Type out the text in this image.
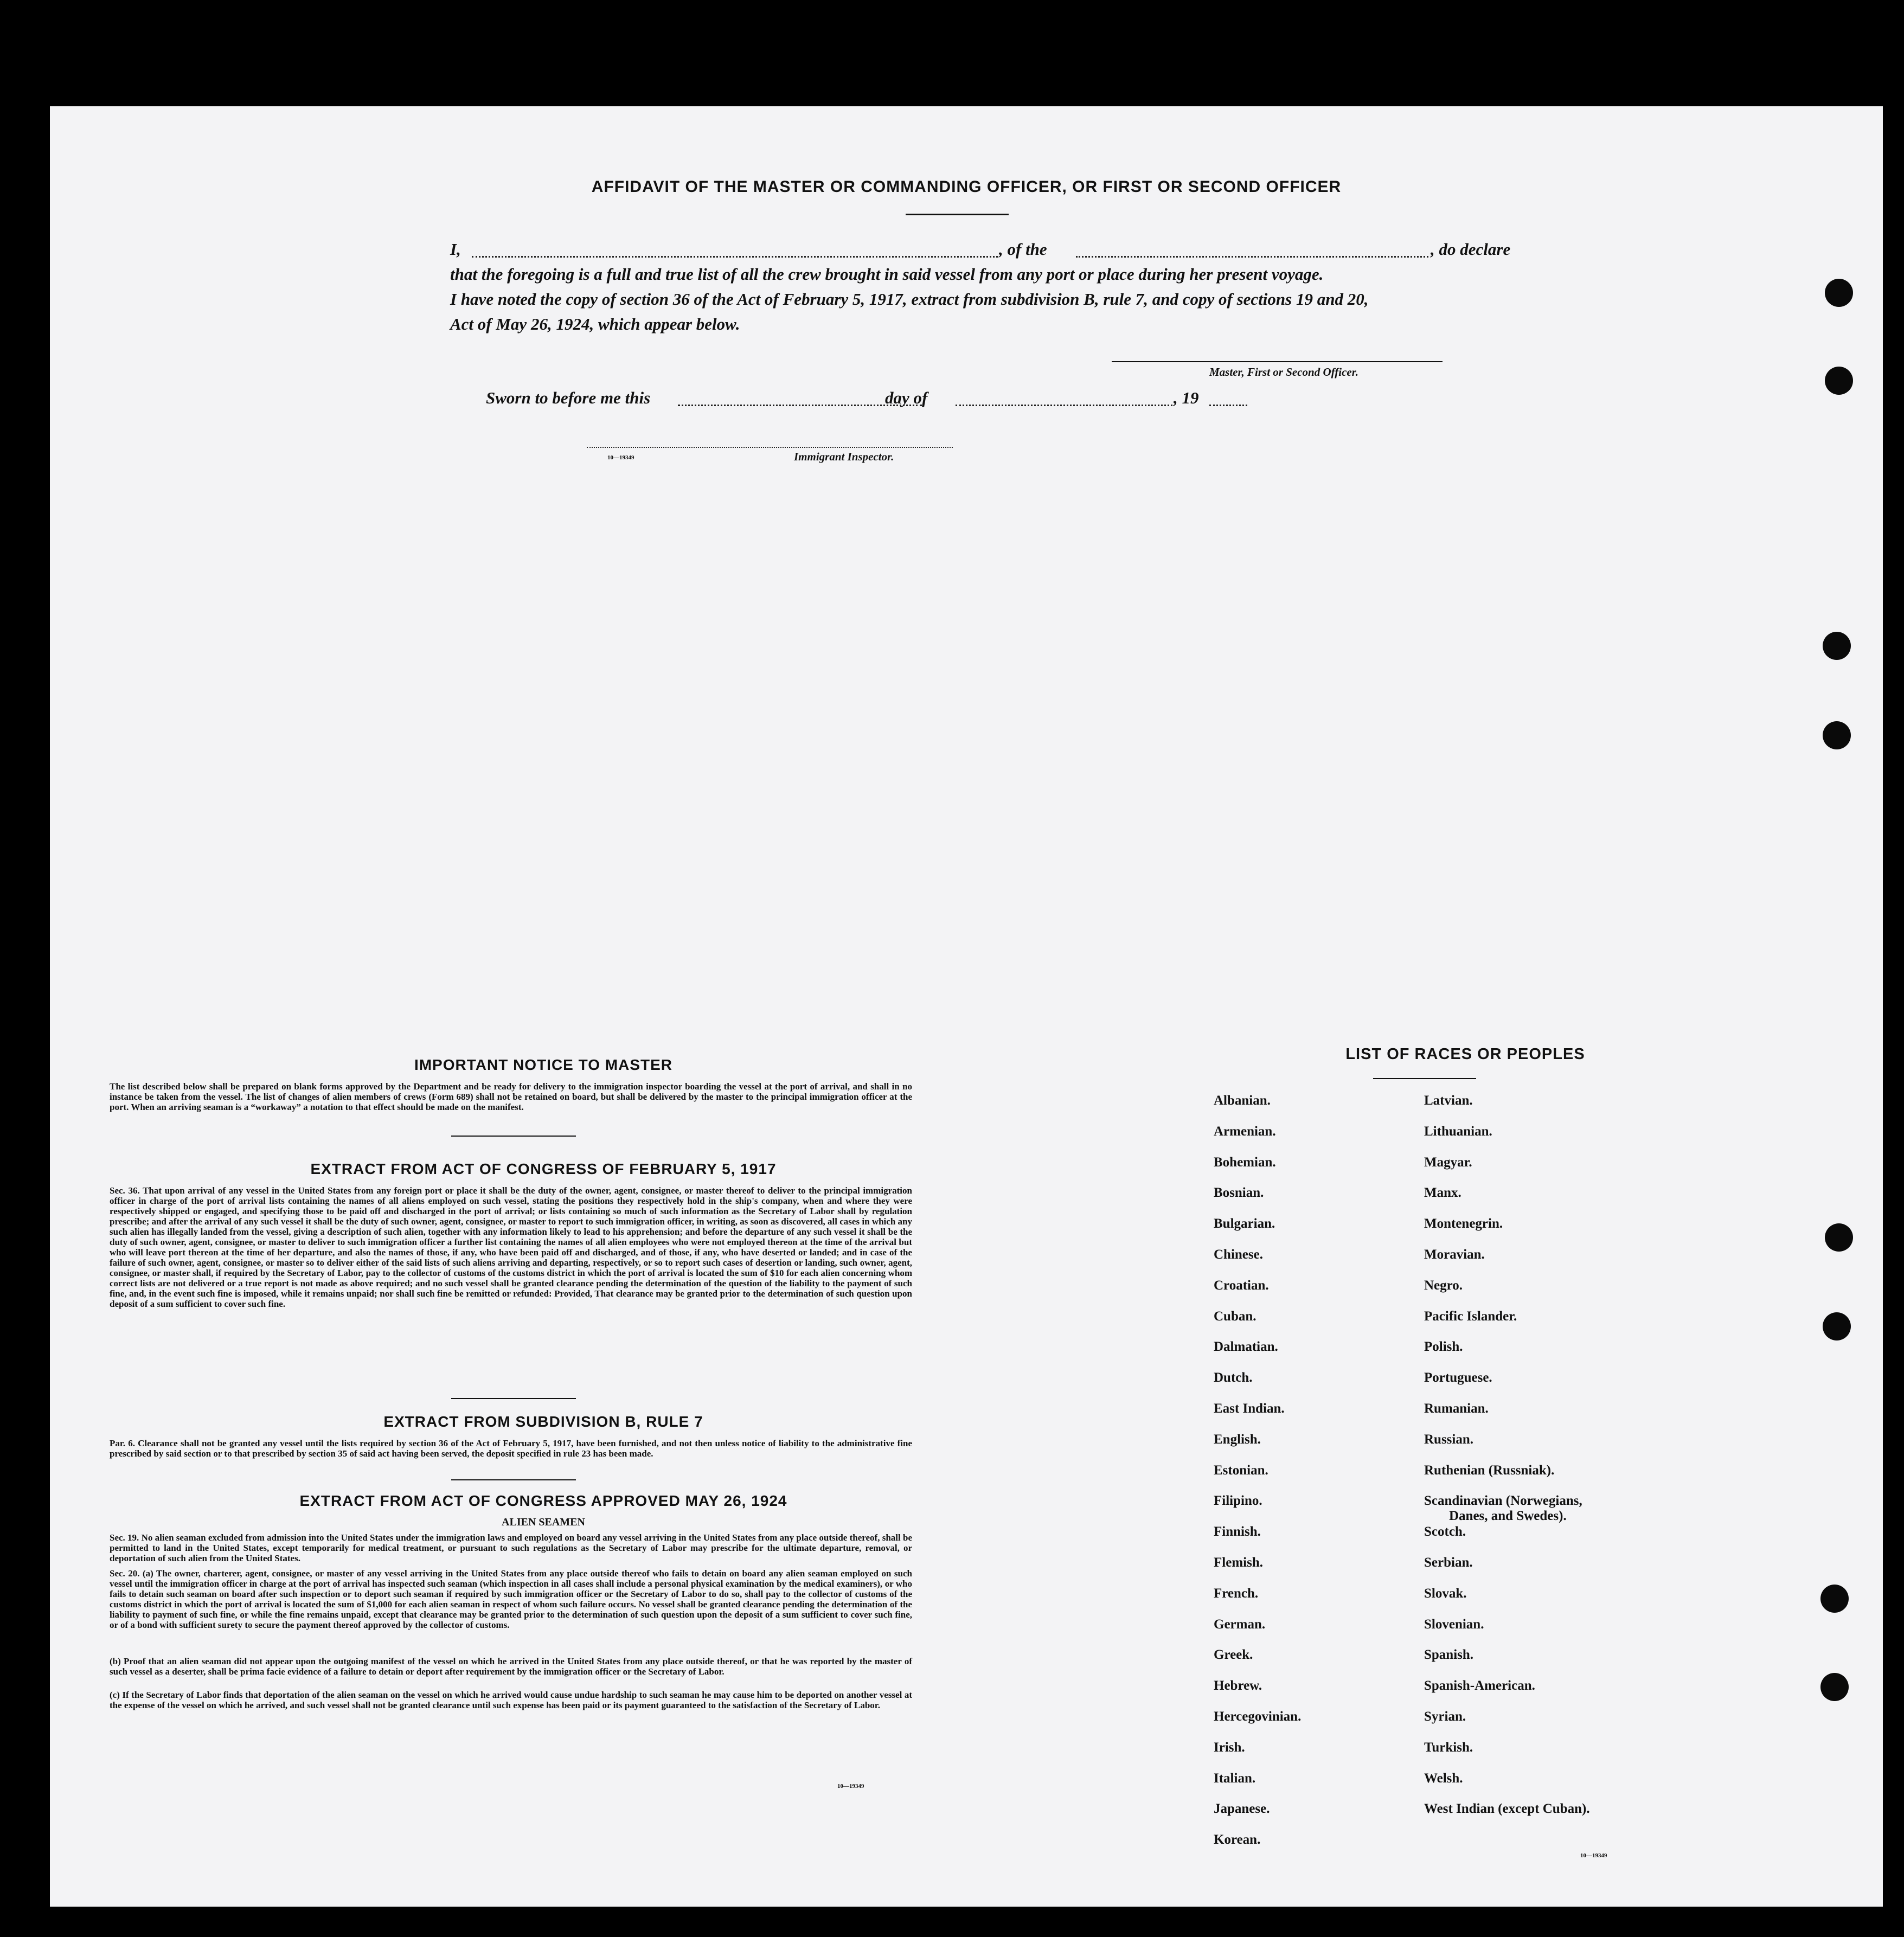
AFFIDAVIT OF THE MASTER OR COMMANDING OFFICER, OR FIRST OR SECOND OFFICER
I,	, of the	, do declare
that the foregoing is a full and true list of all the crew brought in said vessel from any port or place during her present voyage.
I have noted the copy of section 36 of the Act of February 5, 1917, extract from subdivision B, rule 7, and copy of sections 19 and 20,
Act of May 26, 1924, which appear below.
Master, First or Second Officer.
Sworn to before me this	day of	, 19
10—19349	Immigrant Inspector.
IMPORTANT NOTICE TO MASTER
The list described below shall be prepared on blank forms approved by the Department and be ready for delivery to the immigration inspector boarding the vessel at the port of arrival, and shall in no instance be taken from the vessel. The list of changes of alien members of crews (Form 689) shall not be retained on board, but shall be delivered by the master to the principal immigration officer at the port. When an arriving seaman is a “workaway” a notation to that effect should be made on the manifest.
EXTRACT FROM ACT OF CONGRESS OF FEBRUARY 5, 1917
Sec. 36. That upon arrival of any vessel in the United States from any foreign port or place it shall be the duty of the owner, agent, consignee, or master thereof to deliver to the principal immigration officer in charge of the port of arrival lists containing the names of all aliens employed on such vessel, stating the positions they respectively hold in the ship's company, when and where they were respectively shipped or engaged, and specifying those to be paid off and discharged in the port of arrival; or lists containing so much of such information as the Secretary of Labor shall by regulation prescribe; and after the arrival of any such vessel it shall be the duty of such owner, agent, consignee, or master to report to such immigration officer, in writing, as soon as discovered, all cases in which any such alien has illegally landed from the vessel, giving a description of such alien, together with any information likely to lead to his apprehension; and before the departure of any such vessel it shall be the duty of such owner, agent, consignee, or master to deliver to such immigration officer a further list containing the names of all alien employees who were not employed thereon at the time of the arrival but who will leave port thereon at the time of her departure, and also the names of those, if any, who have been paid off and discharged, and of those, if any, who have deserted or landed; and in case of the failure of such owner, agent, consignee, or master so to deliver either of the said lists of such aliens arriving and departing, respectively, or so to report such cases of desertion or landing, such owner, agent, consignee, or master shall, if required by the Secretary of Labor, pay to the collector of customs of the customs district in which the port of arrival is located the sum of $10 for each alien concerning whom correct lists are not delivered or a true report is not made as above required; and no such vessel shall be granted clearance pending the determination of the question of the liability to the payment of such fine, and, in the event such fine is imposed, while it remains unpaid; nor shall such fine be remitted or refunded: Provided, That clearance may be granted prior to the determination of such question upon deposit of a sum sufficient to cover such fine.
EXTRACT FROM SUBDIVISION B, RULE 7
Par. 6. Clearance shall not be granted any vessel until the lists required by section 36 of the Act of February 5, 1917, have been furnished, and not then unless notice of liability to the administrative fine prescribed by said section or to that prescribed by section 35 of said act having been served, the deposit specified in rule 23 has been made.
EXTRACT FROM ACT OF CONGRESS APPROVED MAY 26, 1924
ALIEN SEAMEN
Sec. 19. No alien seaman excluded from admission into the United States under the immigration laws and employed on board any vessel arriving in the United States from any place outside thereof, shall be permitted to land in the United States, except temporarily for medical treatment, or pursuant to such regulations as the Secretary of Labor may prescribe for the ultimate departure, removal, or deportation of such alien from the United States.
Sec. 20. (a) The owner, charterer, agent, consignee, or master of any vessel arriving in the United States from any place outside thereof who fails to detain on board any alien seaman employed on such vessel until the immigration officer in charge at the port of arrival has inspected such seaman (which inspection in all cases shall include a personal physical examination by the medical examiners), or who fails to detain such seaman on board after such inspection or to deport such seaman if required by such immigration officer or the Secretary of Labor to do so, shall pay to the collector of customs of the customs district in which the port of arrival is located the sum of $1,000 for each alien seaman in respect of whom such failure occurs. No vessel shall be granted clearance pending the determination of the liability to payment of such fine, or while the fine remains unpaid, except that clearance may be granted prior to the determination of such question upon the deposit of a sum sufficient to cover such fine, or of a bond with sufficient surety to secure the payment thereof approved by the collector of customs.
(b) Proof that an alien seaman did not appear upon the outgoing manifest of the vessel on which he arrived in the United States from any place outside thereof, or that he was reported by the master of such vessel as a deserter, shall be prima facie evidence of a failure to detain or deport after requirement by the immigration officer or the Secretary of Labor.
(c) If the Secretary of Labor finds that deportation of the alien seaman on the vessel on which he arrived would cause undue hardship to such seaman he may cause him to be deported on another vessel at the expense of the vessel on which he arrived, and such vessel shall not be granted clearance until such expense has been paid or its payment guaranteed to the satisfaction of the Secretary of Labor.
10—19349
LIST OF RACES OR PEOPLES
10—19349
Albanian.
Armenian.
Bohemian.
Bosnian.
Bulgarian.
Chinese.
Croatian.
Cuban.
Dalmatian.
Dutch.
East Indian.
English.
Estonian.
Filipino.
Finnish.
Flemish.
French.
German.
Greek.
Hebrew.
Hercegovinian.
Irish.
Italian.
Japanese.
Korean.
Latvian.
Lithuanian.
Magyar.
Manx.
Montenegrin.
Moravian.
Negro.
Pacific Islander.
Polish.
Portuguese.
Rumanian.
Russian.
Ruthenian (Russniak).
Scandinavian (Norwegians,
Danes, and Swedes).
Scotch.
Serbian.
Slovak.
Slovenian.
Spanish.
Spanish-American.
Syrian.
Turkish.
Welsh.
West Indian (except Cuban).
